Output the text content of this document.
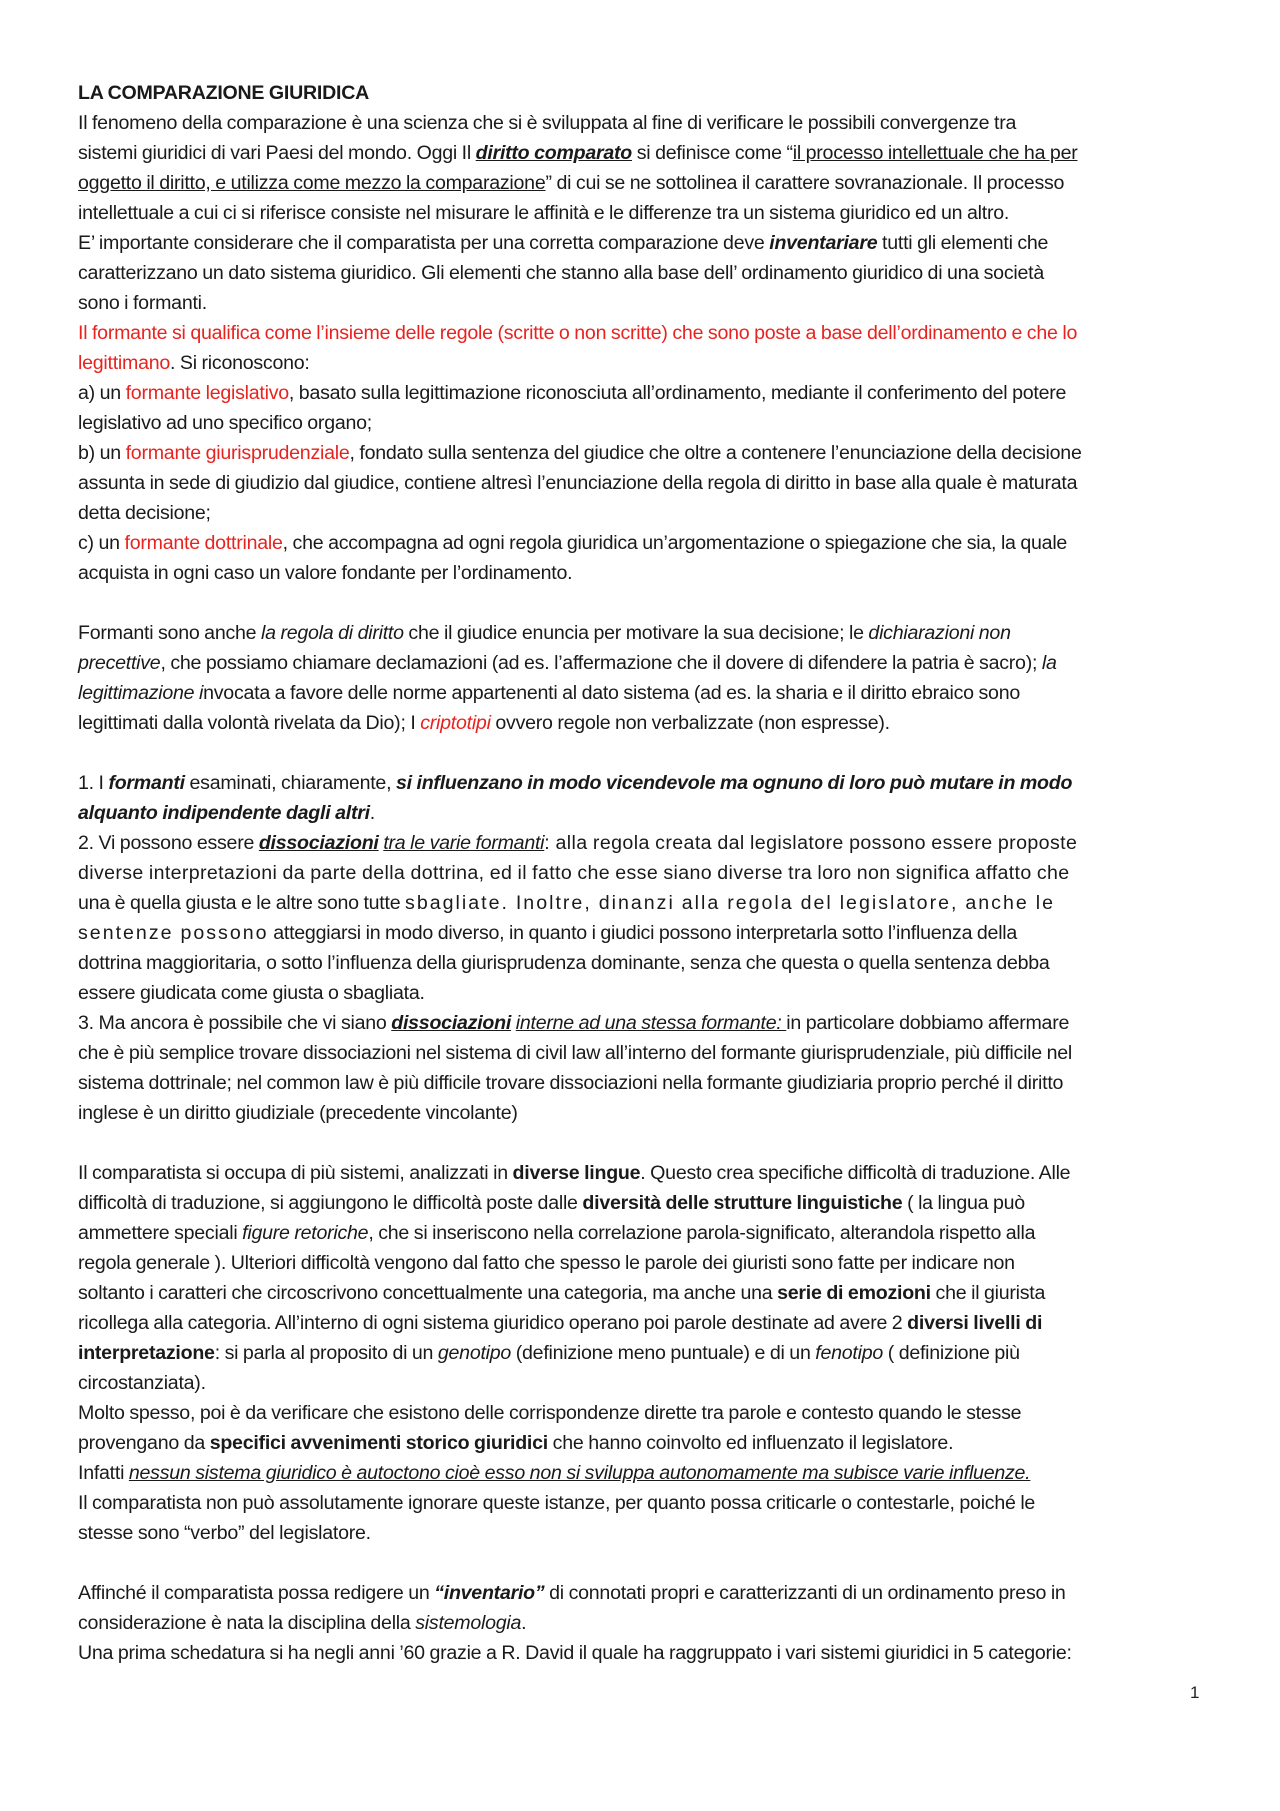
LA COMPARAZIONE GIURIDICA
Il fenomeno della comparazione è una scienza che si è sviluppata al fine di verificare le possibili convergenze tra
sistemi giuridici di vari Paesi del mondo. Oggi Il diritto comparato si definisce come “il processo intellettuale che ha per
oggetto il diritto, e utilizza come mezzo la comparazione” di cui se ne sottolinea il carattere sovranazionale. Il processo
intellettuale a cui ci si riferisce consiste nel misurare le affinità e le differenze tra un sistema giuridico ed un altro.
E’ importante considerare che il comparatista per una corretta comparazione deve inventariare tutti gli elementi che
caratterizzano un dato sistema giuridico. Gli elementi che stanno alla base dell’ ordinamento giuridico di una società
sono i formanti.
Il formante si qualifica come l’insieme delle regole (scritte o non scritte) che sono poste a base dell’ordinamento e che lo
legittimano. Si riconoscono:
a) un formante legislativo, basato sulla legittimazione riconosciuta all’ordinamento, mediante il conferimento del potere
legislativo ad uno specifico organo;
b) un formante giurisprudenziale, fondato sulla sentenza del giudice che oltre a contenere l’enunciazione della decisione
assunta in sede di giudizio dal giudice, contiene altresì l’enunciazione della regola di diritto in base alla quale è maturata
detta decisione;
c) un formante dottrinale, che accompagna ad ogni regola giuridica un’argomentazione o spiegazione che sia, la quale
acquista in ogni caso un valore fondante per l’ordinamento.
Formanti sono anche la regola di diritto che il giudice enuncia per motivare la sua decisione; le dichiarazioni non
precettive, che possiamo chiamare declamazioni (ad es. l’affermazione che il dovere di difendere la patria è sacro); la
legittimazione invocata a favore delle norme appartenenti al dato sistema (ad es. la sharia e il diritto ebraico sono
legittimati dalla volontà rivelata da Dio); I criptotipi ovvero regole non verbalizzate (non espresse).
1. I formanti esaminati, chiaramente, si influenzano in modo vicendevole ma ognuno di loro può mutare in modo
alquanto indipendente dagli altri.
2. Vi possono essere dissociazioni tra le varie formanti: alla regola creata dal legislatore possono essere proposte
diverse interpretazioni da parte della dottrina, ed il fatto che esse siano diverse tra loro non significa affatto che
una è quella giusta e le altre sono tutte sbagliate. Inoltre, dinanzi alla regola del legislatore, anche le
sentenze possono atteggiarsi in modo diverso, in quanto i giudici possono interpretarla sotto l’influenza della
dottrina maggioritaria, o sotto l’influenza della giurisprudenza dominante, senza che questa o quella sentenza debba
essere giudicata come giusta o sbagliata.
3. Ma ancora è possibile che vi siano dissociazioni interne ad una stessa formante: in particolare dobbiamo affermare
che è più semplice trovare dissociazioni nel sistema di civil law all’interno del formante giurisprudenziale, più difficile nel
sistema dottrinale; nel common law è più difficile trovare dissociazioni nella formante giudiziaria proprio perché il diritto
inglese è un diritto giudiziale (precedente vincolante)
Il comparatista si occupa di più sistemi, analizzati in diverse lingue. Questo crea specifiche difficoltà di traduzione. Alle
difficoltà di traduzione, si aggiungono le difficoltà poste dalle diversità delle strutture linguistiche ( la lingua può
ammettere speciali figure retoriche, che si inseriscono nella correlazione parola-significato, alterandola rispetto alla
regola generale ). Ulteriori difficoltà vengono dal fatto che spesso le parole dei giuristi sono fatte per indicare non
soltanto i caratteri che circoscrivono concettualmente una categoria, ma anche una serie di emozioni che il giurista
ricollega alla categoria. All’interno di ogni sistema giuridico operano poi parole destinate ad avere 2 diversi livelli di
interpretazione: si parla al proposito di un genotipo (definizione meno puntuale) e di un fenotipo ( definizione più
circostanziata).
Molto spesso, poi è da verificare che esistono delle corrispondenze dirette tra parole e contesto quando le stesse
provengano da specifici avvenimenti storico giuridici che hanno coinvolto ed influenzato il legislatore.
Infatti nessun sistema giuridico è autoctono cioè esso non si sviluppa autonomamente ma subisce varie influenze.
Il comparatista non può assolutamente ignorare queste istanze, per quanto possa criticarle o contestarle, poiché le
stesse sono “verbo” del legislatore.
Affinché il comparatista possa redigere un “inventario” di connotati propri e caratterizzanti di un ordinamento preso in
considerazione è nata la disciplina della sistemologia.
Una prima schedatura si ha negli anni ’60 grazie a R. David il quale ha raggruppato i vari sistemi giuridici in 5 categorie:
1
